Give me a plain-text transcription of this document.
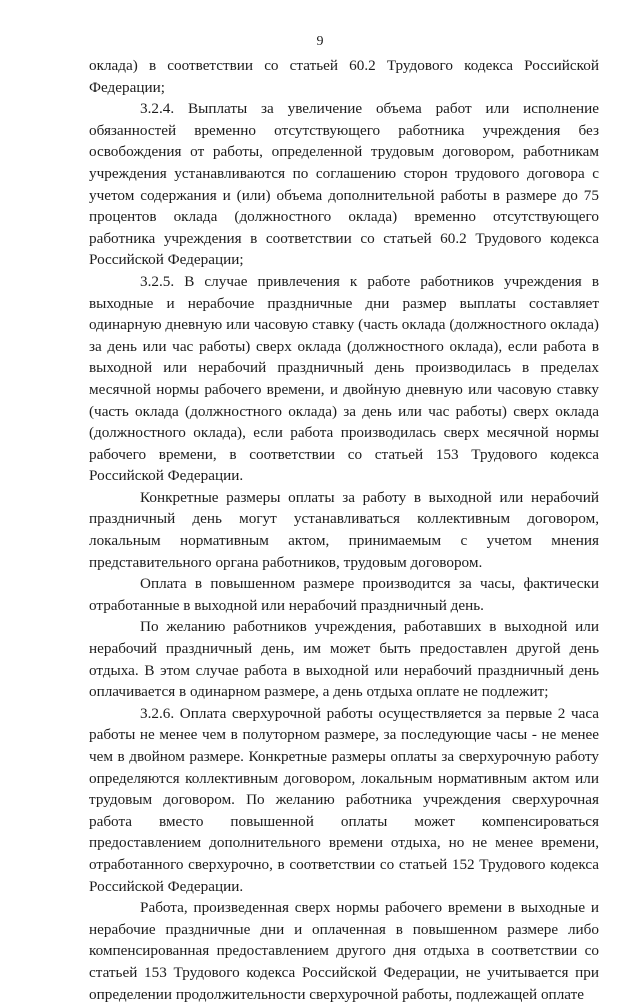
9

оклада) в соответствии со статьей 60.2 Трудового кодекса Российской Федерации;

3.2.4. Выплаты за увеличение объема работ или исполнение обязанностей временно отсутствующего работника учреждения без освобождения от работы, определенной трудовым договором, работникам учреждения устанавливаются по соглашению сторон трудового договора с учетом содержания и (или) объема дополнительной работы в размере до 75 процентов оклада (должностного оклада) временно отсутствующего работника учреждения в соответствии со статьей 60.2 Трудового кодекса Российской Федерации;

3.2.5. В случае привлечения к работе работников учреждения в выходные и нерабочие праздничные дни размер выплаты составляет одинарную дневную или часовую ставку (часть оклада (должностного оклада) за день или час работы) сверх оклада (должностного оклада), если работа в выходной или нерабочий праздничный день производилась в пределах месячной нормы рабочего времени, и двойную дневную или часовую ставку (часть оклада (должностного оклада) за день или час работы) сверх оклада (должностного оклада), если работа производилась сверх месячной нормы рабочего времени, в соответствии со статьей 153 Трудового кодекса Российской Федерации.

Конкретные размеры оплаты за работу в выходной или нерабочий праздничный день могут устанавливаться коллективным договором, локальным нормативным актом, принимаемым с учетом мнения представительного органа работников, трудовым договором.

Оплата в повышенном размере производится за часы, фактически отработанные в выходной или нерабочий праздничный день.

По желанию работников учреждения, работавших в выходной или нерабочий праздничный день, им может быть предоставлен другой день отдыха. В этом случае работа в выходной или нерабочий праздничный день оплачивается в одинарном размере, а день отдыха оплате не подлежит;

3.2.6. Оплата сверхурочной работы осуществляется за первые 2 часа работы не менее чем в полуторном размере, за последующие часы - не менее чем в двойном размере. Конкретные размеры оплаты за сверхурочную работу определяются коллективным договором, локальным нормативным актом или трудовым договором. По желанию работника учреждения сверхурочная работа вместо повышенной оплаты может компенсироваться предоставлением дополнительного времени отдыха, но не менее времени, отработанного сверхурочно, в соответствии со статьей 152 Трудового кодекса Российской Федерации.

Работа, произведенная сверх нормы рабочего времени в выходные и нерабочие праздничные дни и оплаченная в повышенном размере либо компенсированная предоставлением другого дня отдыха в соответствии со статьей 153 Трудового кодекса Российской Федерации, не учитывается при определении продолжительности сверхурочной работы, подлежащей оплате
